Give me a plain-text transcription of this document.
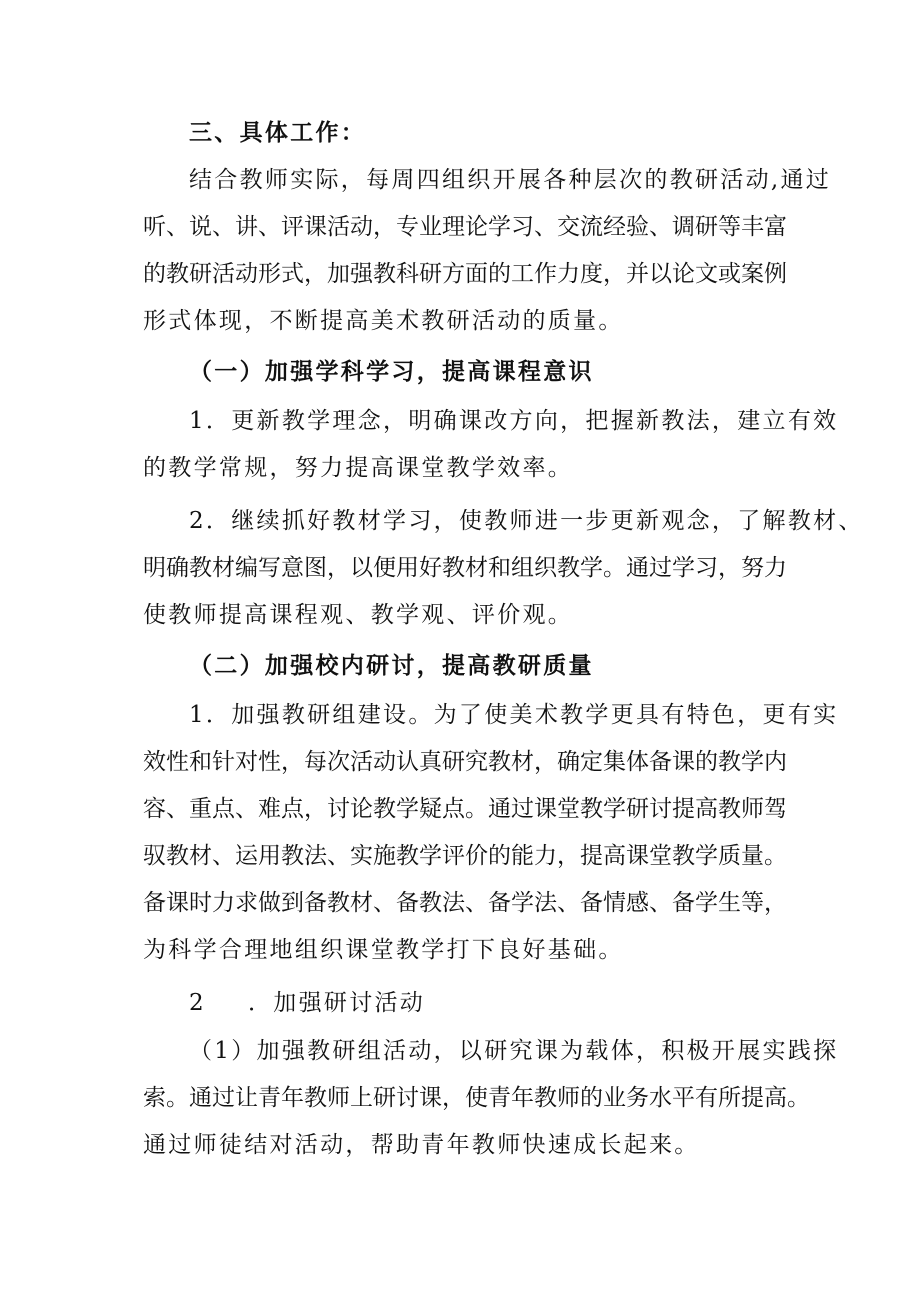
三、具体工作：
结合教师实际，每周四组织开展各种层次的教研活动,通过
听、说、讲、评课活动，专业理论学习、交流经验、调研等丰富
的教研活动形式，加强教科研方面的工作力度，并以论文或案例
形式体现，不断提高美术教研活动的质量。
（一）加强学科学习，提高课程意识
1．更新教学理念，明确课改方向，把握新教法，建立有效
的教学常规，努力提高课堂教学效率。
2．继续抓好教材学习，使教师进一步更新观念，了解教材、
明确教材编写意图，以便用好教材和组织教学。通过学习，努力
使教师提高课程观、教学观、评价观。
（二）加强校内研讨，提高教研质量
1．加强教研组建设。为了使美术教学更具有特色，更有实
效性和针对性，每次活动认真研究教材，确定集体备课的教学内
容、重点、难点，讨论教学疑点。通过课堂教学研讨提高教师驾
驭教材、运用教法、实施教学评价的能力，提高课堂教学质量。
备课时力求做到备教材、备教法、备学法、备情感、备学生等，
为科学合理地组织课堂教学打下良好基础。
2 ．加强研讨活动
（1）加强教研组活动，以研究课为载体，积极开展实践探
索。通过让青年教师上研讨课，使青年教师的业务水平有所提高。
通过师徒结对活动，帮助青年教师快速成长起来。
